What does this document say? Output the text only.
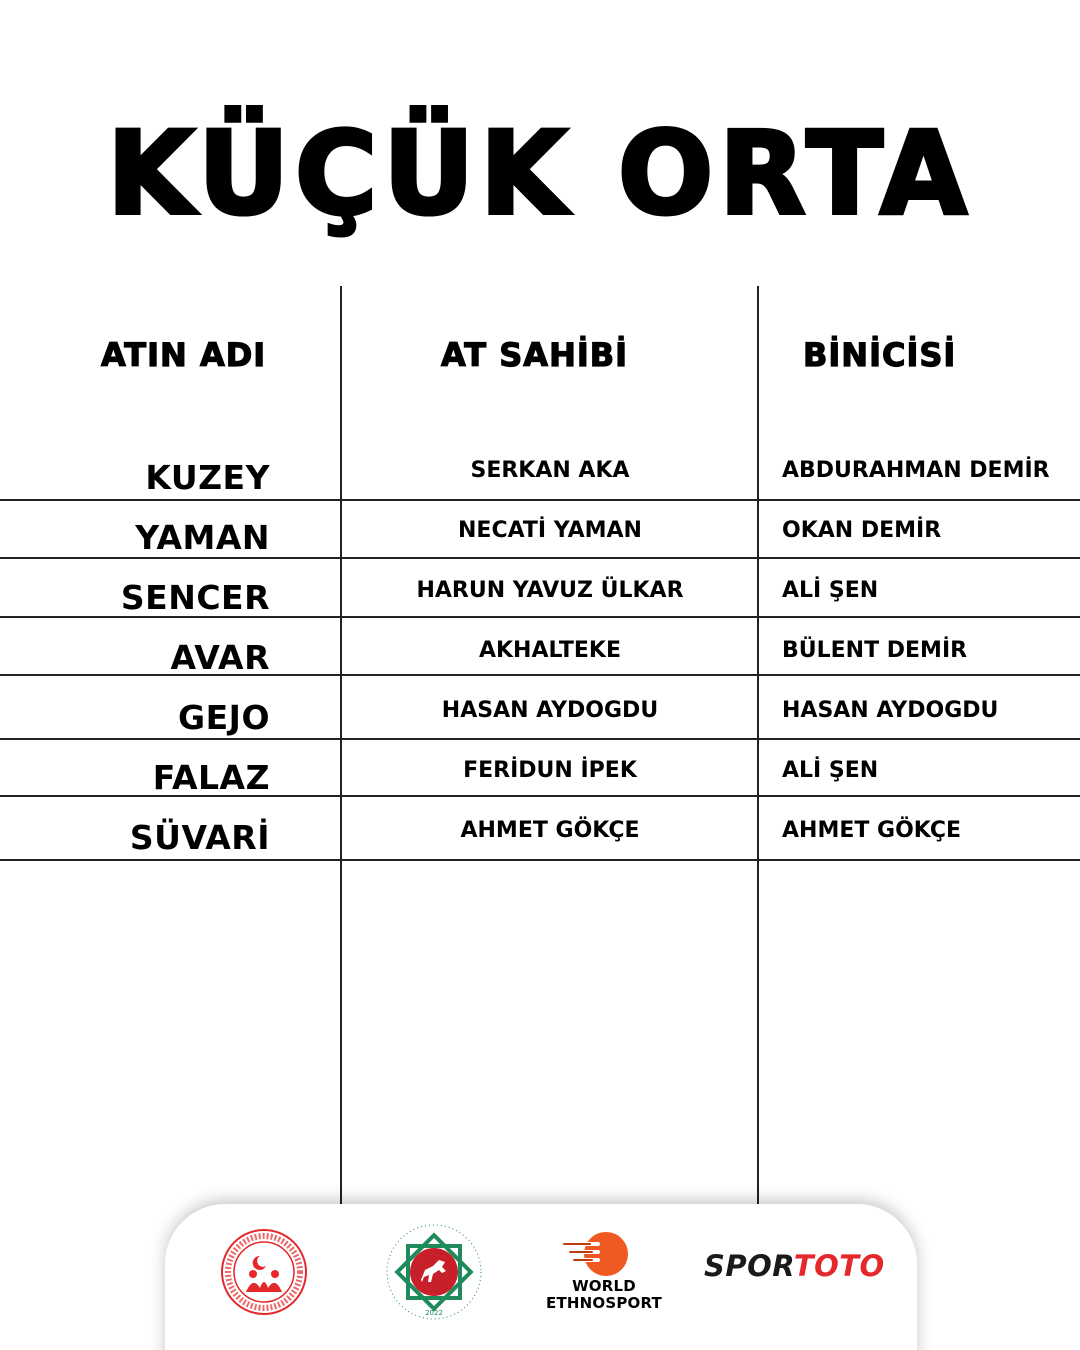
KÜÇÜK ORTA
ATIN ADI	AT SAHİBİ	BİNİCİSİ
KUZEY	SERKAN AKA	ABDURAHMAN DEMİR
YAMAN	NECATİ YAMAN	OKAN DEMİR
SENCER	HARUN YAVUZ ÜLKAR	ALİ ŞEN
AVAR	AKHALTEKE	BÜLENT DEMİR
GEJO	HASAN AYDOGDU	HASAN AYDOGDU
FALAZ	FERİDUN İPEK	ALİ ŞEN
SÜVARİ	AHMET GÖKÇE	AHMET GÖKÇE
2022
WORLD
ETHNOSPORT
SPORTOTO
